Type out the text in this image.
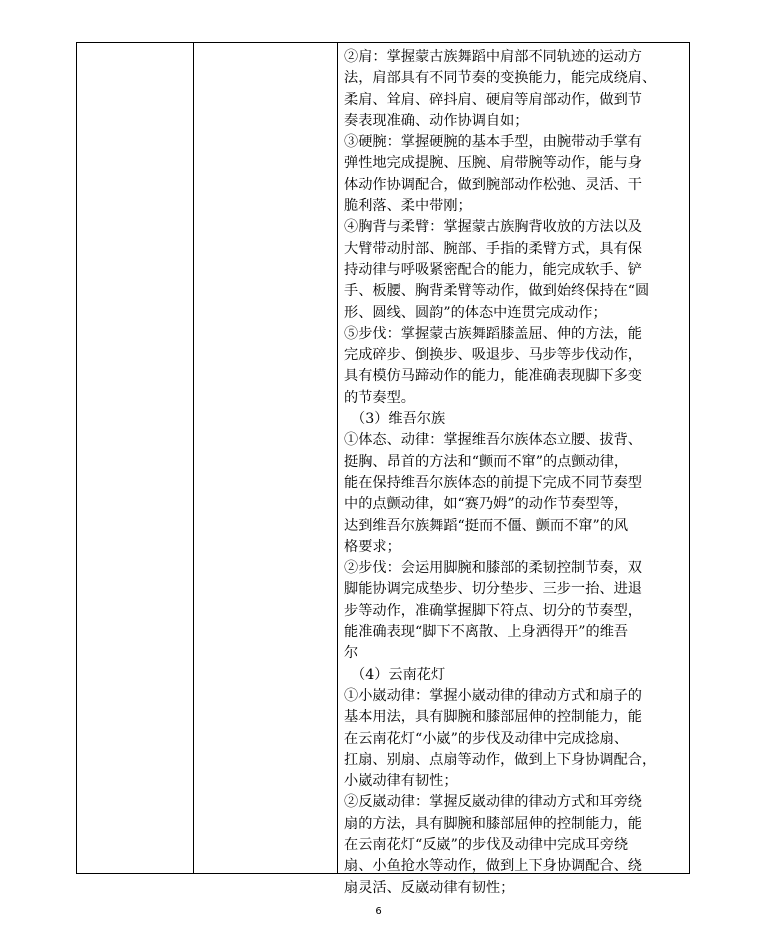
②肩：掌握蒙古族舞蹈中肩部不同轨迹的运动方
法，肩部具有不同节奏的变换能力，能完成绕肩、
柔肩、耸肩、碎抖肩、硬肩等肩部动作，做到节
奏表现准确、动作协调自如；
③硬腕：掌握硬腕的基本手型，由腕带动手掌有
弹性地完成提腕、压腕、肩带腕等动作，能与身
体动作协调配合，做到腕部动作松弛、灵活、干
脆利落、柔中带刚；
④胸背与柔臂：掌握蒙古族胸背收放的方法以及
大臂带动肘部、腕部、手指的柔臂方式，具有保
持动律与呼吸紧密配合的能力，能完成软手、铲
手、板腰、胸背柔臂等动作，做到始终保持在“圆
形、圆线、圆韵”的体态中连贯完成动作；
⑤步伐：掌握蒙古族舞蹈膝盖屈、伸的方法，能
完成碎步、倒换步、吸退步、马步等步伐动作，
具有模仿马蹄动作的能力，能准确表现脚下多变
的节奏型。
（3）维吾尔族
①体态、动律：掌握维吾尔族体态立腰、拔背、
挺胸、昂首的方法和“颤而不窜”的点颤动律，
能在保持维吾尔族体态的前提下完成不同节奏型
中的点颤动律，如“赛乃姆”的动作节奏型等，
达到维吾尔族舞蹈“挺而不僵、颤而不窜”的风
格要求；
②步伐：会运用脚腕和膝部的柔韧控制节奏，双
脚能协调完成垫步、切分垫步、三步一抬、进退
步等动作，准确掌握脚下符点、切分的节奏型，
能准确表现“脚下不离散、上身洒得开”的维吾
尔
（4）云南花灯
①小崴动律：掌握小崴动律的律动方式和扇子的
基本用法，具有脚腕和膝部屈伸的控制能力，能
在云南花灯“小崴”的步伐及动律中完成捻扇、
扛扇、别扇、点扇等动作，做到上下身协调配合，
小崴动律有韧性；
②反崴动律：掌握反崴动律的律动方式和耳旁绕
扇的方法，具有脚腕和膝部屈伸的控制能力，能
在云南花灯“反崴”的步伐及动律中完成耳旁绕
扇、小鱼抢水等动作，做到上下身协调配合、绕
扇灵活、反崴动律有韧性；
6
